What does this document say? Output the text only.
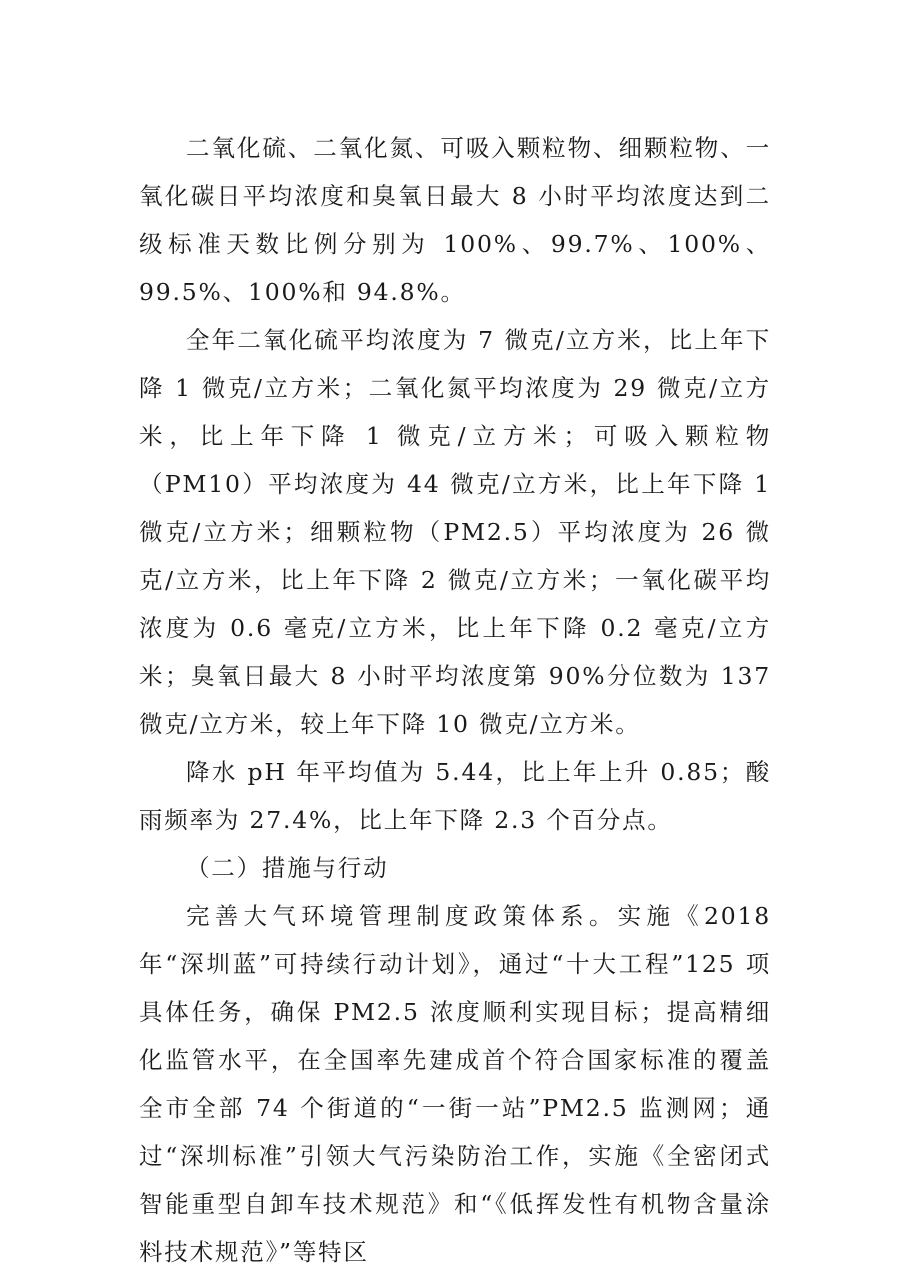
二氧化硫、二氧化氮、可吸入颗粒物、细颗粒物、一氧化碳日平均浓度和臭氧日最大 8 小时平均浓度达到二级标准天数比例分别为 100%、99.7%、100%、99.5%、100%和 94.8%。

全年二氧化硫平均浓度为 7 微克/立方米，比上年下降 1 微克/立方米；二氧化氮平均浓度为 29 微克/立方米，比上年下降 1 微克/立方米；可吸入颗粒物（PM10）平均浓度为 44 微克/立方米，比上年下降 1 微克/立方米；细颗粒物（PM2.5）平均浓度为 26 微克/立方米，比上年下降 2 微克/立方米；一氧化碳平均浓度为 0.6 毫克/立方米，比上年下降 0.2 毫克/立方米；臭氧日最大 8 小时平均浓度第 90%分位数为 137 微克/立方米，较上年下降 10 微克/立方米。

降水 pH 年平均值为 5.44，比上年上升 0.85；酸雨频率为 27.4%，比上年下降 2.3 个百分点。

（二）措施与行动

完善大气环境管理制度政策体系。实施《2018 年“深圳蓝”可持续行动计划》，通过“十大工程”125 项具体任务，确保 PM2.5 浓度顺利实现目标；提高精细化监管水平，在全国率先建成首个符合国家标准的覆盖全市全部 74 个街道的“一街一站”PM2.5 监测网；通过“深圳标准”引领大气污染防治工作，实施《全密闭式智能重型自卸车技术规范》和“《低挥发性有机物含量涂料技术规范》”等特区
